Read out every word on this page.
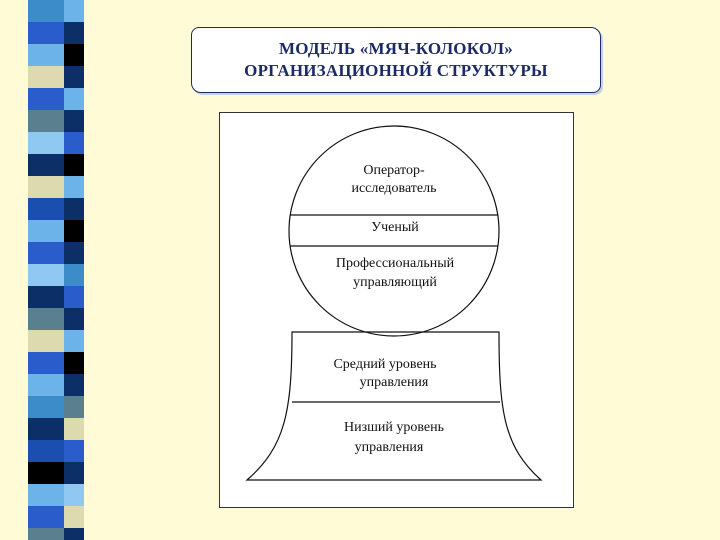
МОДЕЛЬ «МЯЧ-КОЛОКОЛ»
ОРГАНИЗАЦИОННОЙ СТРУКТУРЫ
Оператор-
исследователь
Ученый
Профессиональный
управляющий
Средний уровень
управления
Низший уровень
управления
